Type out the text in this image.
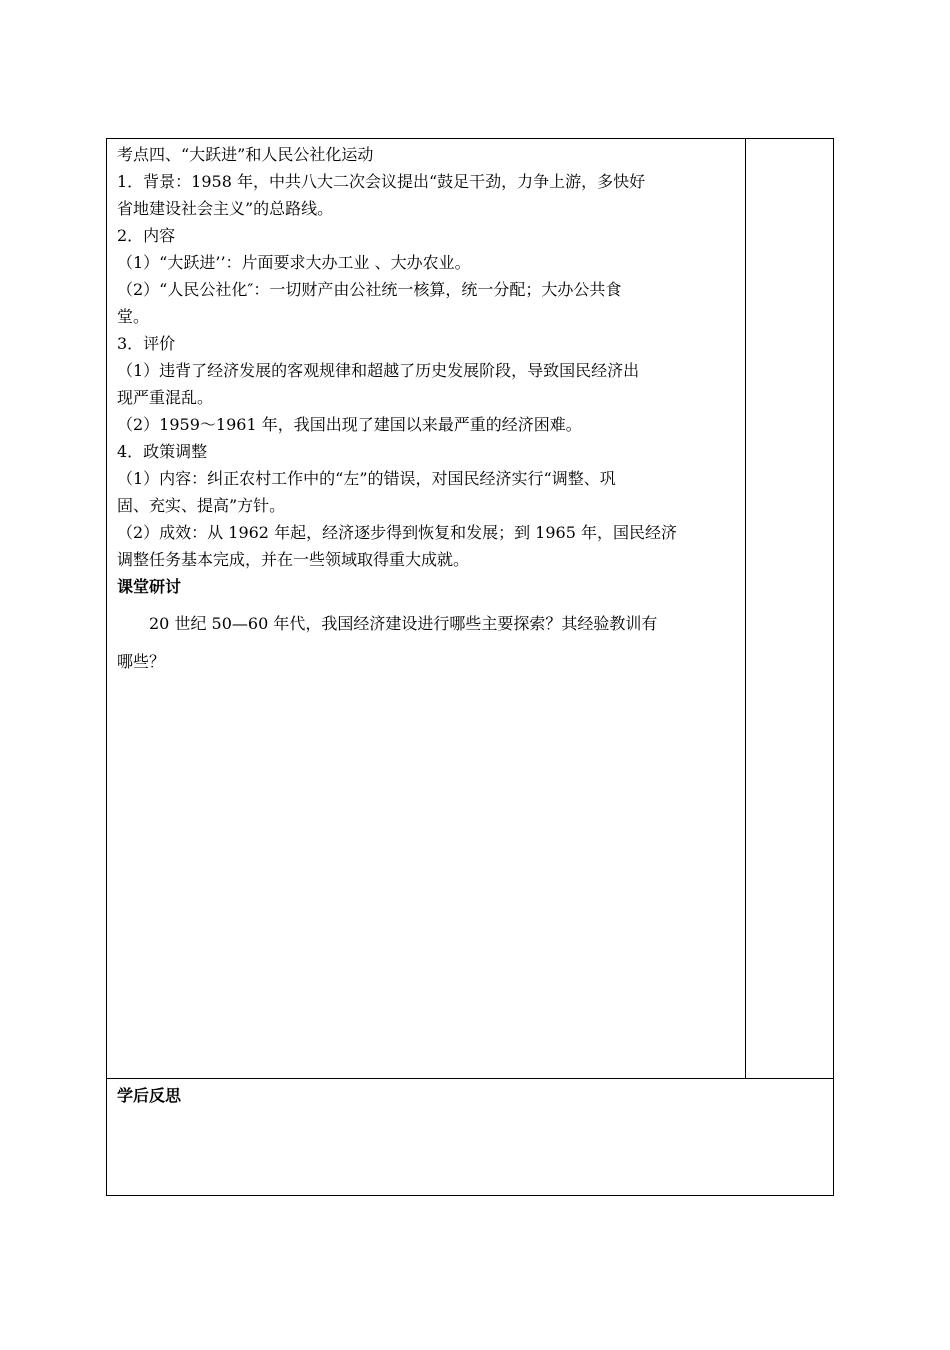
考点四、“大跃进”和人民公社化运动
1．背景：1958 年，中共八大二次会议提出“鼓足干劲，力争上游，多快好
省地建设社会主义”的总路线。
2．内容
（1）“大跃进’’：片面要求大办工业 、大办农业。
（2）“人民公社化″：一切财产由公社统一核算，统一分配；大办公共食
堂。
3．评价
（1）违背了经济发展的客观规律和超越了历史发展阶段，导致国民经济出
现严重混乱。
（2）1959～1961 年，我国出现了建国以来最严重的经济困难。
4．政策调整
（1）内容：纠正农村工作中的“左”的错误，对国民经济实行“调整、巩
固、充实、提高”方针。
（2）成效：从 1962 年起，经济逐步得到恢复和发展；到 1965 年，国民经济
调整任务基本完成，并在一些领域取得重大成就。
课堂研讨
20 世纪 50—60 年代，我国经济建设进行哪些主要探索？其经验教训有
哪些？
学后反思
